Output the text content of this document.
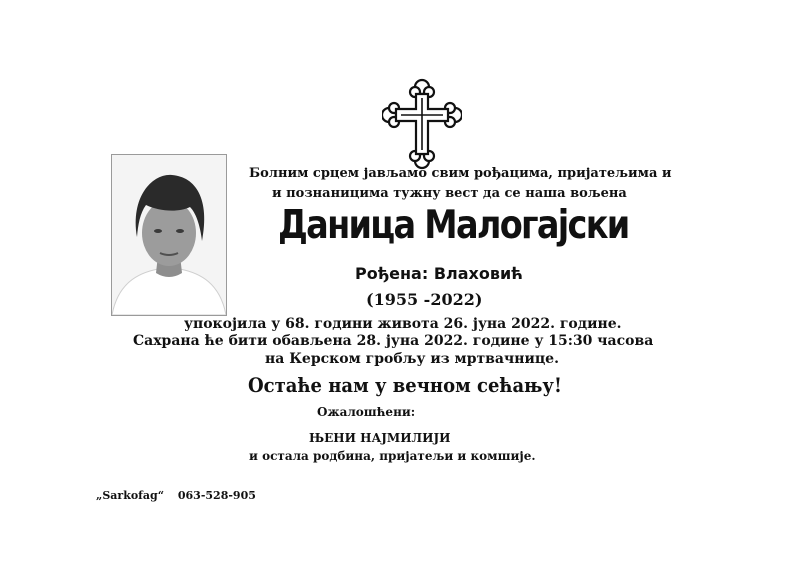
Болним срцем јављамо свим рођацима, пријатељима и
и познаницима тужну вест да се наша вољена
Даница Малогајски
Рођена: Влаховић
(1955 -2022)
упокојила у 68. години живота 26. јуна 2022. године.
Сахрана ће бити обављена 28. јуна 2022. године у 15:30 часова
на Керском гробљу из мртвачнице.
Остаће нам у вечном сећању!
Ожалошћени:
ЊЕНИ НАЈМИЛИЈИ
и остала родбина, пријатељи и комшије.
„Sarkofag“ 063-528-905
